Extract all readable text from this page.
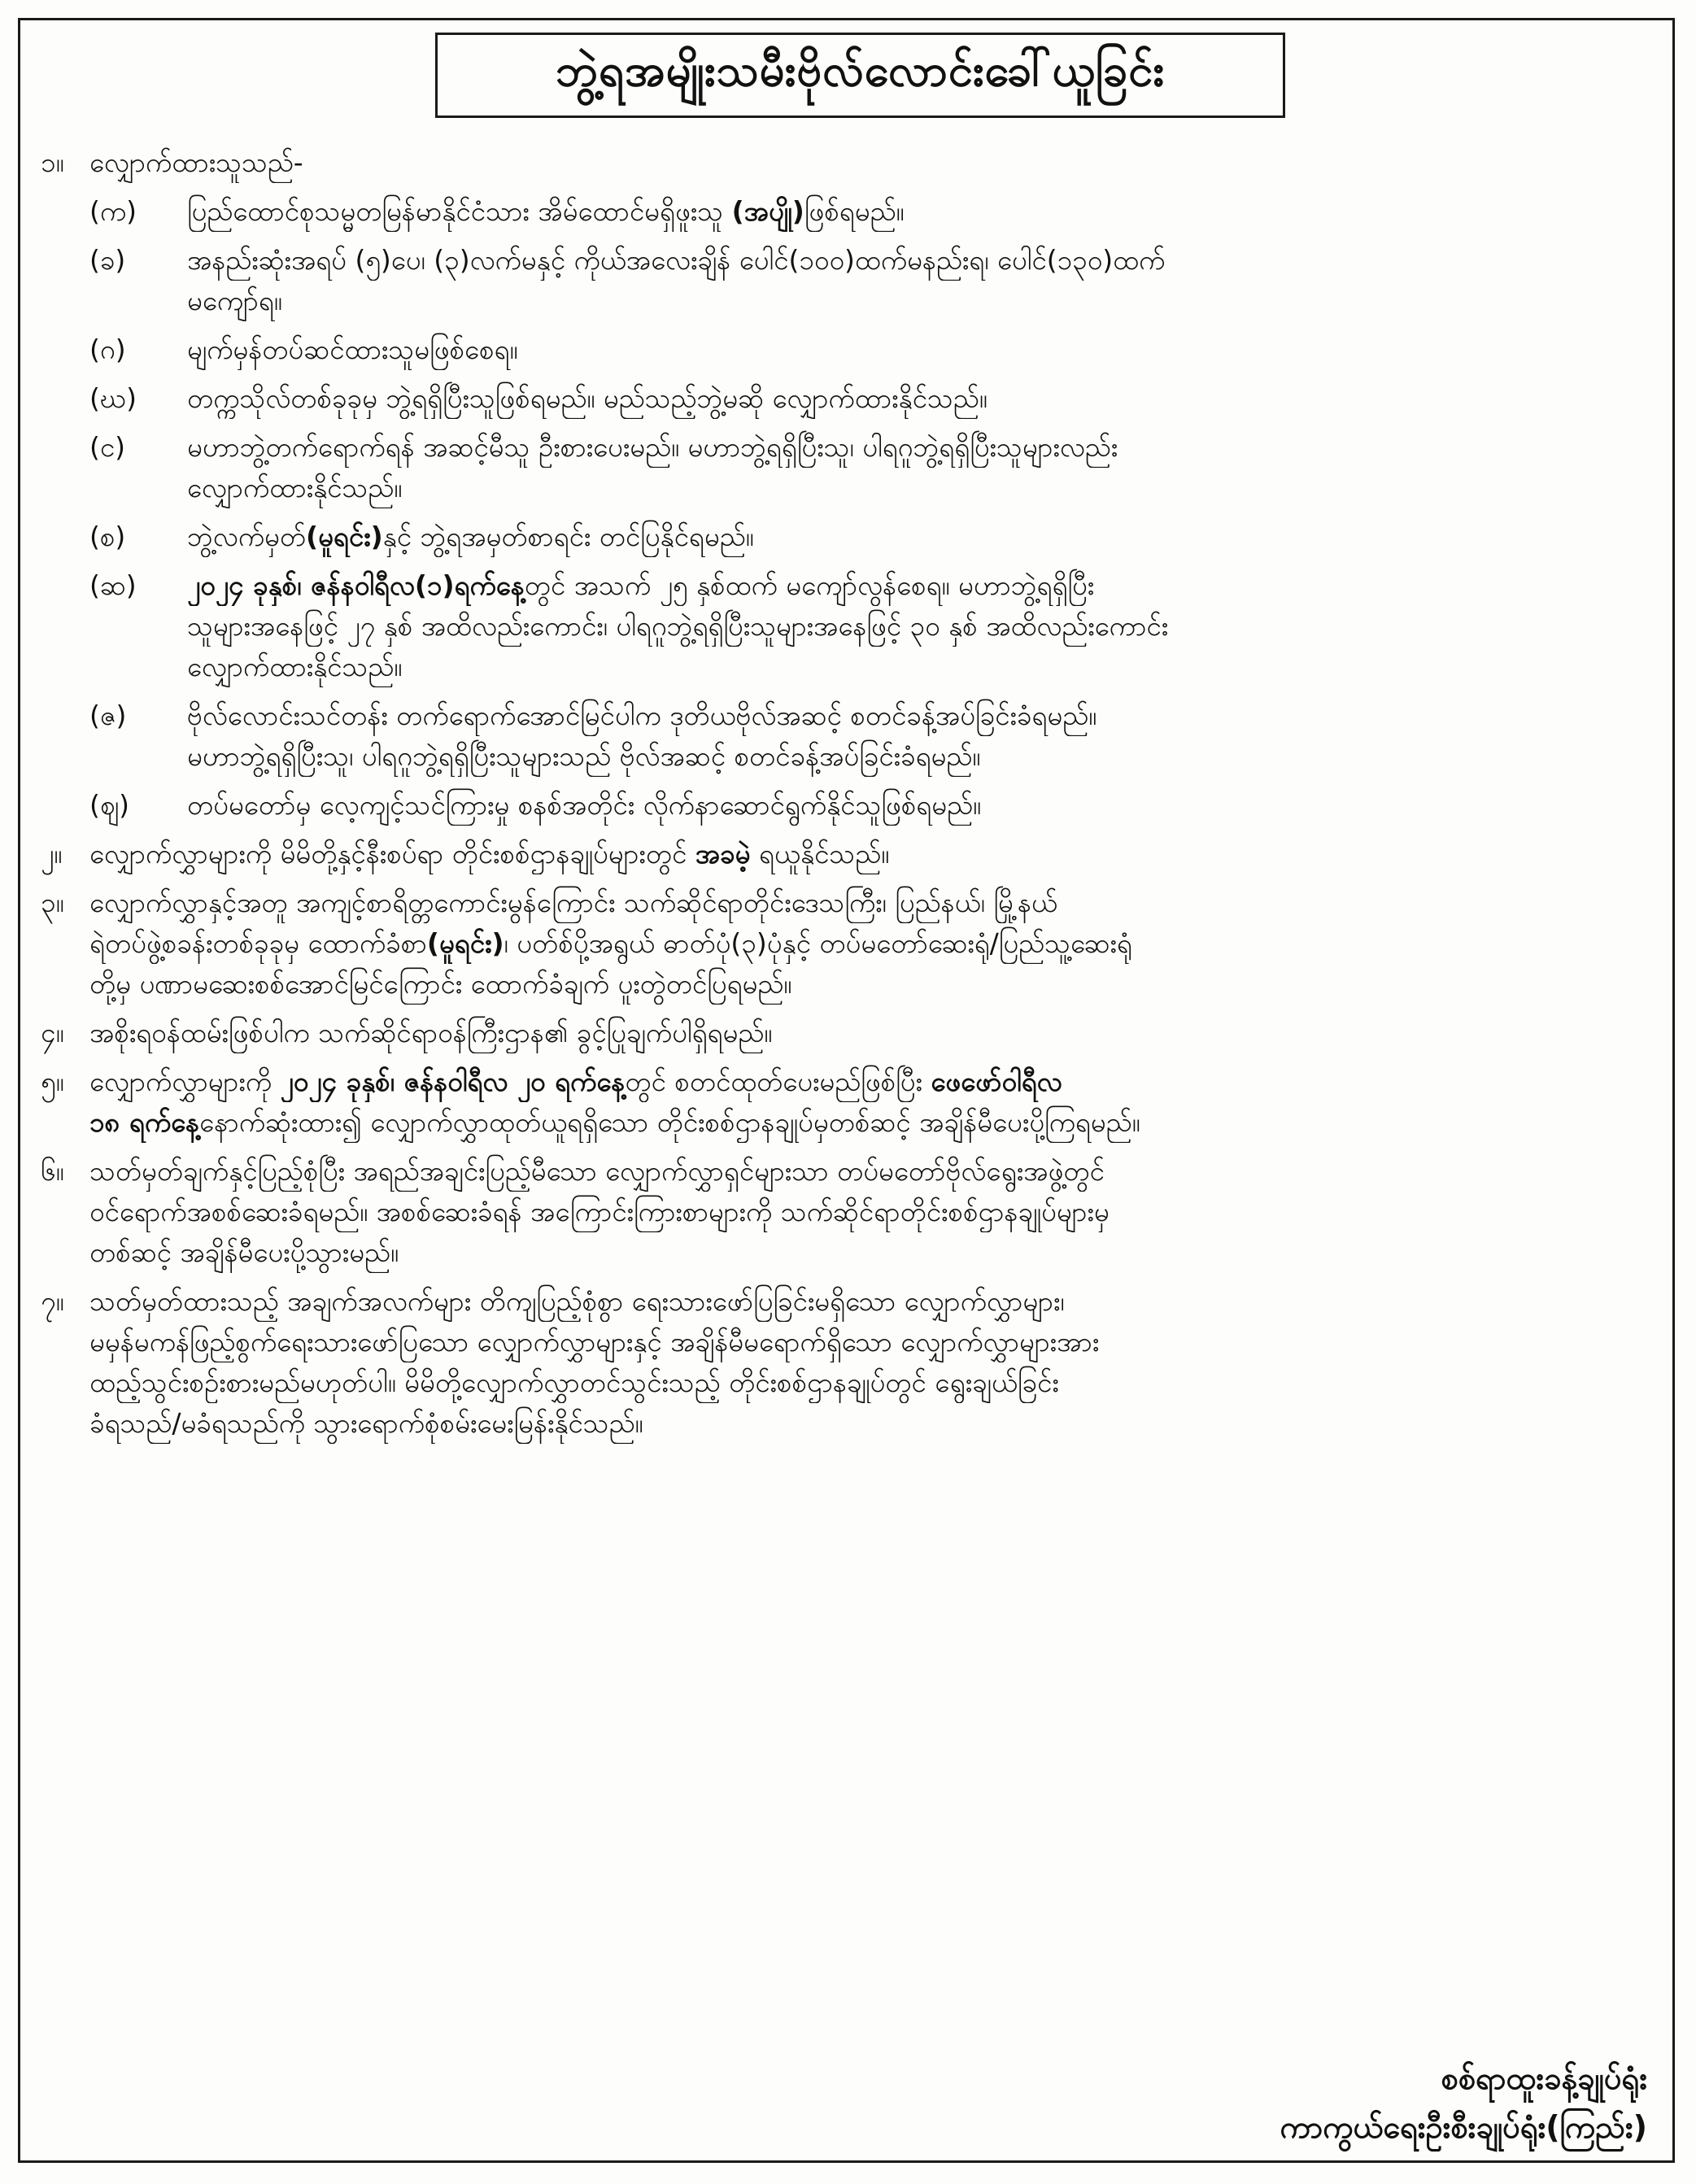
ဘွဲ့ရအမျိုးသမီးဗိုလ်လောင်းခေါ်ယူခြင်း
၁။ လျှောက်ထားသူသည်-
(က)	ပြည်ထောင်စုသမ္မတမြန်မာနိုင်ငံသား အိမ်ထောင်မရှိဖူးသူ (အပျို)ဖြစ်ရမည်။
(ခ)	အနည်းဆုံးအရပ် (၅)ပေ၊ (၃)လက်မနှင့် ကိုယ်အလေးချိန် ပေါင်(၁၀၀)ထက်မနည်းရ၊ ပေါင်(၁၃၀)ထက်
မကျော်ရ။
(ဂ)	မျက်မှန်တပ်ဆင်ထားသူမဖြစ်စေရ။
(ဃ)	တက္ကသိုလ်တစ်ခုခုမှ ဘွဲ့ရရှိပြီးသူဖြစ်ရမည်။ မည်သည့်ဘွဲ့မဆို လျှောက်ထားနိုင်သည်။
(င)	မဟာဘွဲ့တက်ရောက်ရန် အဆင့်မီသူ ဦးစားပေးမည်။ မဟာဘွဲ့ရရှိပြီးသူ၊ ပါရဂူဘွဲ့ရရှိပြီးသူများလည်း
လျှောက်ထားနိုင်သည်။
(စ)	ဘွဲ့လက်မှတ်(မူရင်း)နှင့် ဘွဲ့ရအမှတ်စာရင်း တင်ပြနိုင်ရမည်။
(ဆ)	၂၀၂၄ ခုနှစ်၊ ဇန်နဝါရီလ(၁)ရက်နေ့တွင် အသက် ၂၅ နှစ်ထက် မကျော်လွန်စေရ။ မဟာဘွဲ့ရရှိပြီး
သူများအနေဖြင့် ၂၇ နှစ် အထိလည်းကောင်း၊ ပါရဂူဘွဲ့ရရှိပြီးသူများအနေဖြင့် ၃၀ နှစ် အထိလည်းကောင်း
လျှောက်ထားနိုင်သည်။
(ဇ)	ဗိုလ်လောင်းသင်တန်း တက်ရောက်အောင်မြင်ပါက ဒုတိယဗိုလ်အဆင့် စတင်ခန့်အပ်ခြင်းခံရမည်။
မဟာဘွဲ့ရရှိပြီးသူ၊ ပါရဂူဘွဲ့ရရှိပြီးသူများသည် ဗိုလ်အဆင့် စတင်ခန့်အပ်ခြင်းခံရမည်။
(ဈ)	တပ်မတော်မှ လေ့ကျင့်သင်ကြားမှု စနစ်အတိုင်း လိုက်နာဆောင်ရွက်နိုင်သူဖြစ်ရမည်။
၂။	လျှောက်လွှာများကို မိမိတို့နှင့်နီးစပ်ရာ တိုင်းစစ်ဌာနချုပ်များတွင် အခမဲ့ ရယူနိုင်သည်။
၃။ လျှောက်လွှာနှင့်အတူ အကျင့်စာရိတ္တကောင်းမွန်ကြောင်း သက်ဆိုင်ရာတိုင်းဒေသကြီး၊ ပြည်နယ်၊ မြို့နယ်
ရဲတပ်ဖွဲ့စခန်းတစ်ခုခုမှ ထောက်ခံစာ(မူရင်း)၊ ပတ်စ်ပို့အရွယ် ဓာတ်ပုံ(၃)ပုံနှင့် တပ်မတော်ဆေးရုံ/ပြည်သူ့ဆေးရုံ
တို့မှ ပဏာမဆေးစစ်အောင်မြင်ကြောင်း ထောက်ခံချက် ပူးတွဲတင်ပြရမည်။
၄။ အစိုးရဝန်ထမ်းဖြစ်ပါက သက်ဆိုင်ရာဝန်ကြီးဌာန၏ ခွင့်ပြုချက်ပါရှိရမည်။
၅။ လျှောက်လွှာများကို ၂၀၂၄ ခုနှစ်၊ ဇန်နဝါရီလ ၂၀ ရက်နေ့တွင် စတင်ထုတ်ပေးမည်ဖြစ်ပြီး ဖေဖော်ဝါရီလ
၁၈ ရက်နေ့နောက်ဆုံးထား၍ လျှောက်လွှာထုတ်ယူရရှိသော တိုင်းစစ်ဌာနချုပ်မှတစ်ဆင့် အချိန်မီပေးပို့ကြရမည်။
၆။ သတ်မှတ်ချက်နှင့်ပြည့်စုံပြီး အရည်အချင်းပြည့်မီသော လျှောက်လွှာရှင်များသာ တပ်မတော်ဗိုလ်ရွေးအဖွဲ့တွင်
ဝင်ရောက်အစစ်ဆေးခံရမည်။ အစစ်ဆေးခံရန် အကြောင်းကြားစာများကို သက်ဆိုင်ရာတိုင်းစစ်ဌာနချုပ်များမှ
တစ်ဆင့် အချိန်မီပေးပို့သွားမည်။
၇။ သတ်မှတ်ထားသည့် အချက်အလက်များ တိကျပြည့်စုံစွာ ရေးသားဖော်ပြခြင်းမရှိသော လျှောက်လွှာများ၊
မမှန်မကန်ဖြည့်စွက်ရေးသားဖော်ပြသော လျှောက်လွှာများနှင့် အချိန်မီမရောက်ရှိသော လျှောက်လွှာများအား
ထည့်သွင်းစဉ်းစားမည်မဟုတ်ပါ။ မိမိတို့လျှောက်လွှာတင်သွင်းသည့် တိုင်းစစ်ဌာနချုပ်တွင် ရွေးချယ်ခြင်း
ခံရသည်/မခံရသည်ကို သွားရောက်စုံစမ်းမေးမြန်းနိုင်သည်။
စစ်ရာထူးခန့်ချုပ်ရုံး
ကာကွယ်ရေးဦးစီးချုပ်ရုံး(ကြည်း)
